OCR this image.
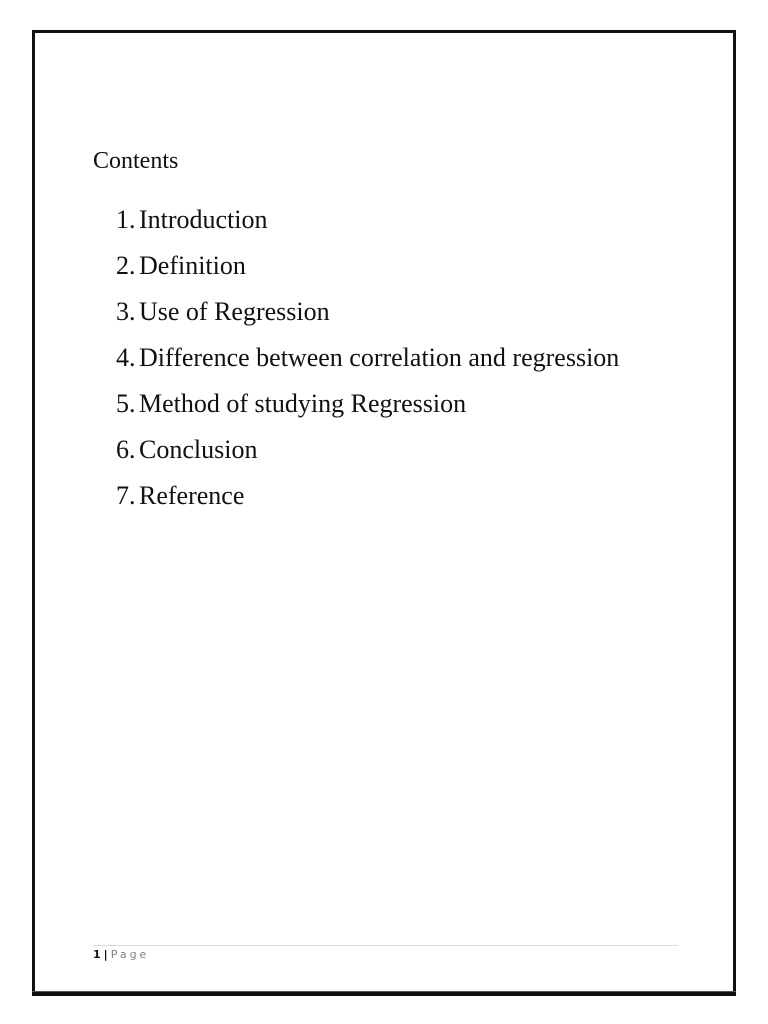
Contents
1. Introduction
2. Definition
3. Use of Regression
4. Difference between correlation and regression
5. Method of studying Regression
6. Conclusion
7. Reference
1 | Page
